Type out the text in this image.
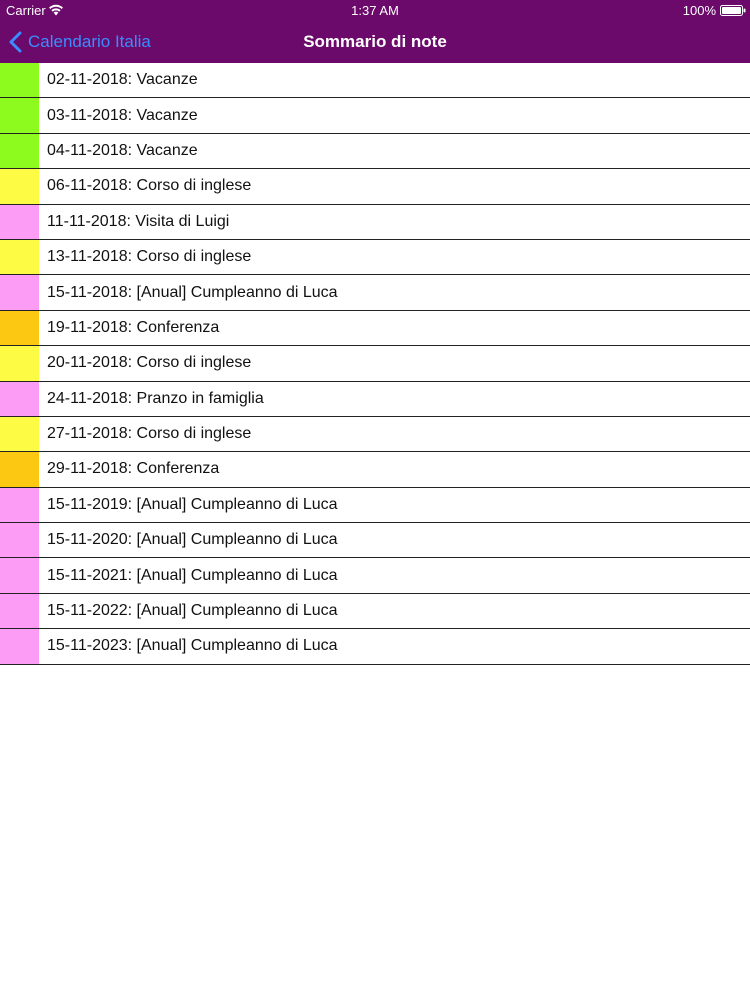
Carrier	1:37 AM	100%
Calendario Italia	Sommario di note
02-11-2018: Vacanze
03-11-2018: Vacanze
04-11-2018: Vacanze
06-11-2018: Corso di inglese
11-11-2018: Visita di Luigi
13-11-2018: Corso di inglese
15-11-2018: [Anual] Cumpleanno di Luca
19-11-2018: Conferenza
20-11-2018: Corso di inglese
24-11-2018: Pranzo in famiglia
27-11-2018: Corso di inglese
29-11-2018: Conferenza
15-11-2019: [Anual] Cumpleanno di Luca
15-11-2020: [Anual] Cumpleanno di Luca
15-11-2021: [Anual] Cumpleanno di Luca
15-11-2022: [Anual] Cumpleanno di Luca
15-11-2023: [Anual] Cumpleanno di Luca
